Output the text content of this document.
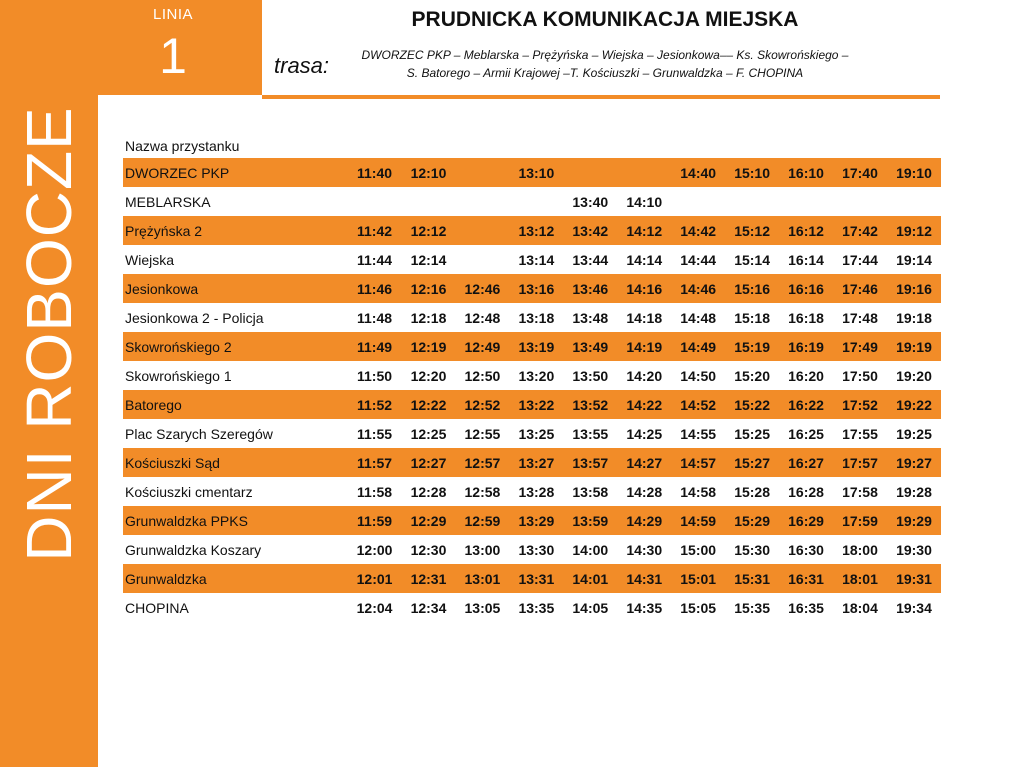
LINIA
1
DNI ROBOCZE
PRUDNICKA KOMUNIKACJA MIEJSKA
trasa:	DWORZEC PKP – Meblarska – Prężyńska – Wiejska – Jesionkowa–– Ks. Skowrońskiego –
S. Batorego – Armii Krajowej –T. Kościuszki – Grunwaldzka – F. CHOPINA
Nazwa przystanku											
DWORZEC PKP	11:40	12:10		13:10			14:40	15:10	16:10	17:40	19:10
MEBLARSKA					13:40	14:10					
Prężyńska 2	11:42	12:12		13:12	13:42	14:12	14:42	15:12	16:12	17:42	19:12
Wiejska	11:44	12:14		13:14	13:44	14:14	14:44	15:14	16:14	17:44	19:14
Jesionkowa	11:46	12:16	12:46	13:16	13:46	14:16	14:46	15:16	16:16	17:46	19:16
Jesionkowa 2 - Policja	11:48	12:18	12:48	13:18	13:48	14:18	14:48	15:18	16:18	17:48	19:18
Skowrońskiego 2	11:49	12:19	12:49	13:19	13:49	14:19	14:49	15:19	16:19	17:49	19:19
Skowrońskiego 1	11:50	12:20	12:50	13:20	13:50	14:20	14:50	15:20	16:20	17:50	19:20
Batorego	11:52	12:22	12:52	13:22	13:52	14:22	14:52	15:22	16:22	17:52	19:22
Plac Szarych Szeregów	11:55	12:25	12:55	13:25	13:55	14:25	14:55	15:25	16:25	17:55	19:25
Kościuszki Sąd	11:57	12:27	12:57	13:27	13:57	14:27	14:57	15:27	16:27	17:57	19:27
Kościuszki cmentarz	11:58	12:28	12:58	13:28	13:58	14:28	14:58	15:28	16:28	17:58	19:28
Grunwaldzka PPKS	11:59	12:29	12:59	13:29	13:59	14:29	14:59	15:29	16:29	17:59	19:29
Grunwaldzka Koszary	12:00	12:30	13:00	13:30	14:00	14:30	15:00	15:30	16:30	18:00	19:30
Grunwaldzka	12:01	12:31	13:01	13:31	14:01	14:31	15:01	15:31	16:31	18:01	19:31
CHOPINA	12:04	12:34	13:05	13:35	14:05	14:35	15:05	15:35	16:35	18:04	19:34
